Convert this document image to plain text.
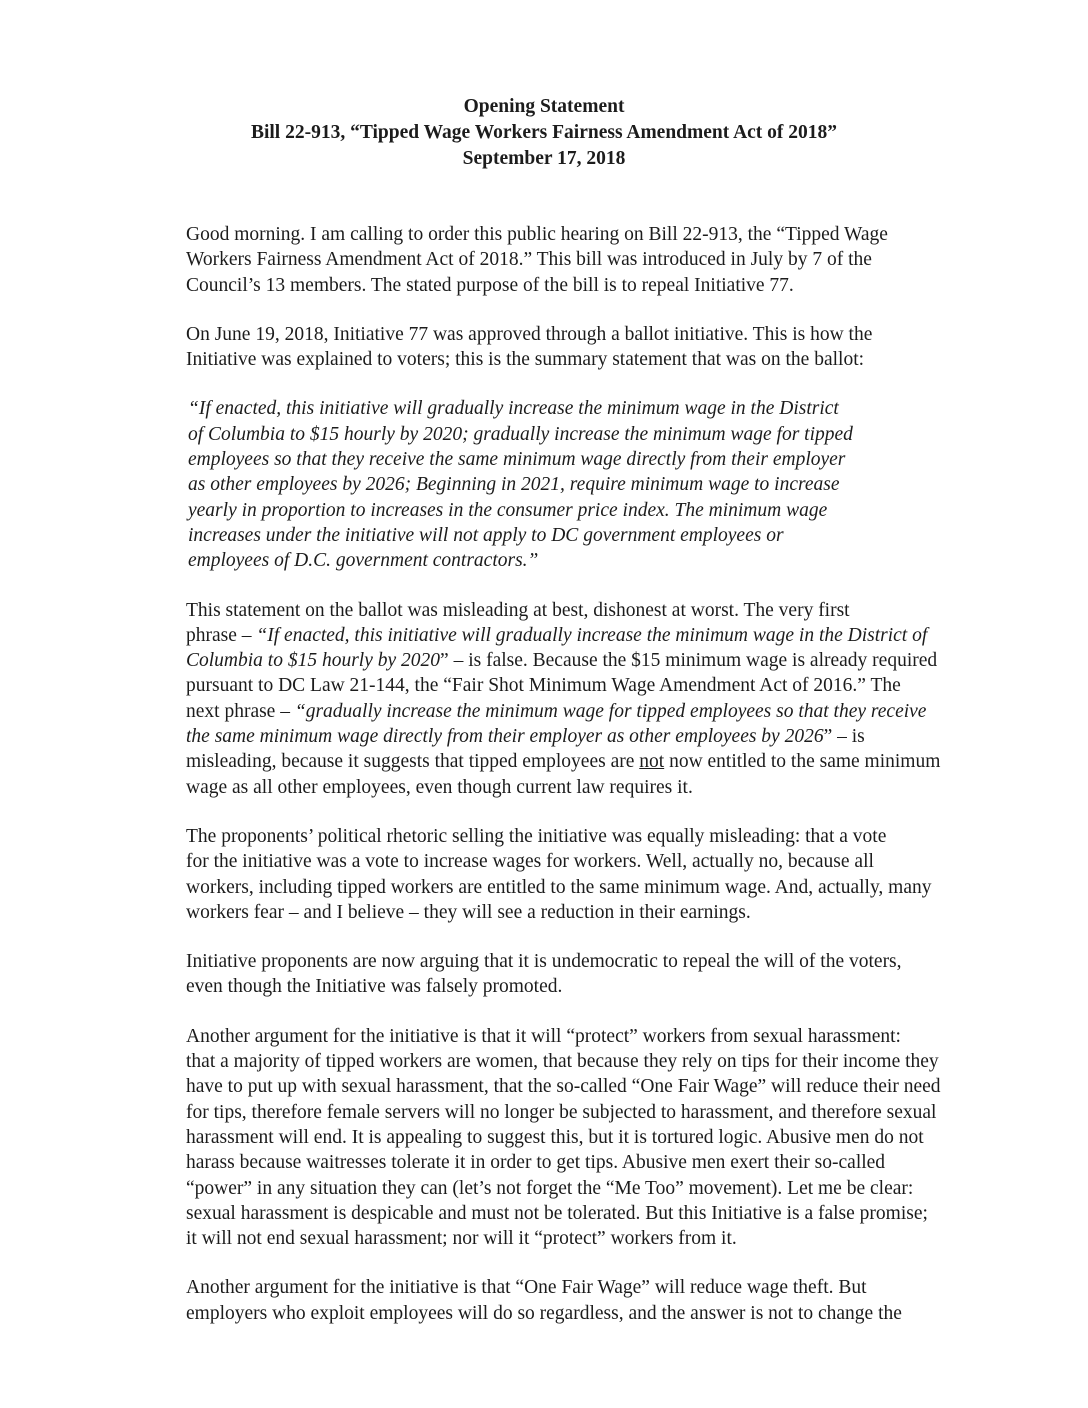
Opening Statement
Bill 22-913, “Tipped Wage Workers Fairness Amendment Act of 2018”
September 17, 2018
Good morning. I am calling to order this public hearing on Bill 22-913, the “Tipped Wage
Workers Fairness Amendment Act of 2018.” This bill was introduced in July by 7 of the
Council’s 13 members. The stated purpose of the bill is to repeal Initiative 77.
On June 19, 2018, Initiative 77 was approved through a ballot initiative. This is how the
Initiative was explained to voters; this is the summary statement that was on the ballot:
“If enacted, this initiative will gradually increase the minimum wage in the District
of Columbia to $15 hourly by 2020; gradually increase the minimum wage for tipped
employees so that they receive the same minimum wage directly from their employer
as other employees by 2026; Beginning in 2021, require minimum wage to increase
yearly in proportion to increases in the consumer price index. The minimum wage
increases under the initiative will not apply to DC government employees or
employees of D.C. government contractors.”
This statement on the ballot was misleading at best, dishonest at worst. The very first
phrase – “If enacted, this initiative will gradually increase the minimum wage in the District of
Columbia to $15 hourly by 2020” – is false. Because the $15 minimum wage is already required
pursuant to DC Law 21-144, the “Fair Shot Minimum Wage Amendment Act of 2016.” The
next phrase – “gradually increase the minimum wage for tipped employees so that they receive
the same minimum wage directly from their employer as other employees by 2026” – is
misleading, because it suggests that tipped employees are not now entitled to the same minimum
wage as all other employees, even though current law requires it.
The proponents’ political rhetoric selling the initiative was equally misleading: that a vote
for the initiative was a vote to increase wages for workers. Well, actually no, because all
workers, including tipped workers are entitled to the same minimum wage. And, actually, many
workers fear – and I believe – they will see a reduction in their earnings.
Initiative proponents are now arguing that it is undemocratic to repeal the will of the voters,
even though the Initiative was falsely promoted.
Another argument for the initiative is that it will “protect” workers from sexual harassment:
that a majority of tipped workers are women, that because they rely on tips for their income they
have to put up with sexual harassment, that the so-called “One Fair Wage” will reduce their need
for tips, therefore female servers will no longer be subjected to harassment, and therefore sexual
harassment will end. It is appealing to suggest this, but it is tortured logic. Abusive men do not
harass because waitresses tolerate it in order to get tips. Abusive men exert their so-called
“power” in any situation they can (let’s not forget the “Me Too” movement). Let me be clear:
sexual harassment is despicable and must not be tolerated. But this Initiative is a false promise;
it will not end sexual harassment; nor will it “protect” workers from it.
Another argument for the initiative is that “One Fair Wage” will reduce wage theft. But
employers who exploit employees will do so regardless, and the answer is not to change the
